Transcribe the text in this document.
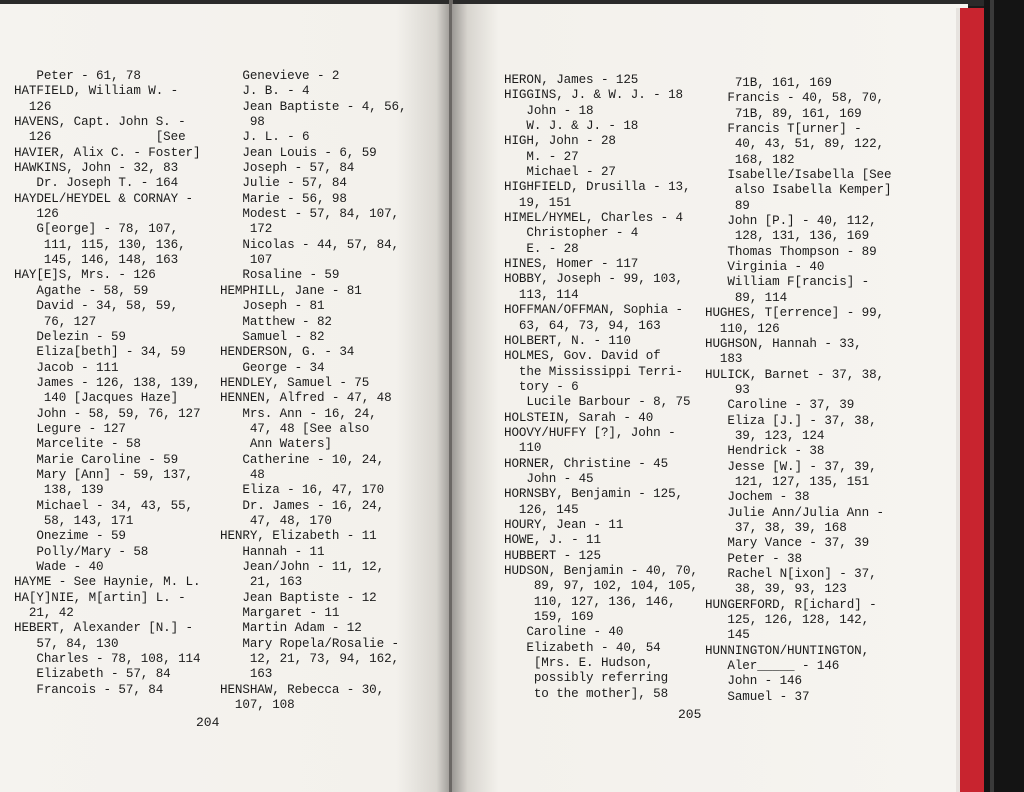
Peter - 61, 78
HATFIELD, William W. -
126
HAVENS, Capt. John S. -
126              [See
HAVIER, Alix C. - Foster]
HAWKINS, John - 32, 83
Dr. Joseph T. - 164
HAYDEL/HEYDEL & CORNAY -
126
G[eorge] - 78, 107,
111, 115, 130, 136,
145, 146, 148, 163
HAY[E]S, Mrs. - 126
Agathe - 58, 59
David - 34, 58, 59,
76, 127
Delezin - 59
Eliza[beth] - 34, 59
Jacob - 111
James - 126, 138, 139,
140 [Jacques Haze]
John - 58, 59, 76, 127
Legure - 127
Marcelite - 58
Marie Caroline - 59
Mary [Ann] - 59, 137,
138, 139
Michael - 34, 43, 55,
58, 143, 171
Onezime - 59
Polly/Mary - 58
Wade - 40
HAYME - See Haynie, M. L.
HA[Y]NIE, M[artin] L. -
21, 42
HEBERT, Alexander [N.] -
57, 84, 130
Charles - 78, 108, 114
Elizabeth - 57, 84
Francois - 57, 84
Genevieve - 2
J. B. - 4
Jean Baptiste - 4, 56,
98
J. L. - 6
Jean Louis - 6, 59
Joseph - 57, 84
Julie - 57, 84
Marie - 56, 98
Modest - 57, 84, 107,
172
Nicolas - 44, 57, 84,
107
Rosaline - 59
HEMPHILL, Jane - 81
Joseph - 81
Matthew - 82
Samuel - 82
HENDERSON, G. - 34
George - 34
HENDLEY, Samuel - 75
HENNEN, Alfred - 47, 48
Mrs. Ann - 16, 24,
47, 48 [See also
Ann Waters]
Catherine - 10, 24,
48
Eliza - 16, 47, 170
Dr. James - 16, 24,
47, 48, 170
HENRY, Elizabeth - 11
Hannah - 11
Jean/John - 11, 12,
21, 163
Jean Baptiste - 12
Margaret - 11
Martin Adam - 12
Mary Ropela/Rosalie -
12, 21, 73, 94, 162,
163
HENSHAW, Rebecca - 30,
107, 108
204
HERON, James - 125
HIGGINS, J. & W. J. - 18
John - 18
W. J. & J. - 18
HIGH, John - 28
M. - 27
Michael - 27
HIGHFIELD, Drusilla - 13,
19, 151
HIMEL/HYMEL, Charles - 4
Christopher - 4
E. - 28
HINES, Homer - 117
HOBBY, Joseph - 99, 103,
113, 114
HOFFMAN/OFFMAN, Sophia -
63, 64, 73, 94, 163
HOLBERT, N. - 110
HOLMES, Gov. David of
the Mississippi Terri-
tory - 6
Lucile Barbour - 8, 75
HOLSTEIN, Sarah - 40
HOOVY/HUFFY [?], John -
110
HORNER, Christine - 45
John - 45
HORNSBY, Benjamin - 125,
126, 145
HOURY, Jean - 11
HOWE, J. - 11
HUBBERT - 125
HUDSON, Benjamin - 40, 70,
89, 97, 102, 104, 105,
110, 127, 136, 146,
159, 169
Caroline - 40
Elizabeth - 40, 54
[Mrs. E. Hudson,
possibly referring
to the mother], 58
71B, 161, 169
Francis - 40, 58, 70,
71B, 89, 161, 169
Francis T[urner] -
40, 43, 51, 89, 122,
168, 182
Isabelle/Isabella [See
also Isabella Kemper]
89
John [P.] - 40, 112,
128, 131, 136, 169
Thomas Thompson - 89
Virginia - 40
William F[rancis] -
89, 114
HUGHES, T[errence] - 99,
110, 126
HUGHSON, Hannah - 33,
183
HULICK, Barnet - 37, 38,
93
Caroline - 37, 39
Eliza [J.] - 37, 38,
39, 123, 124
Hendrick - 38
Jesse [W.] - 37, 39,
121, 127, 135, 151
Jochem - 38
Julie Ann/Julia Ann -
37, 38, 39, 168
Mary Vance - 37, 39
Peter - 38
Rachel N[ixon] - 37,
38, 39, 93, 123
HUNGERFORD, R[ichard] -
125, 126, 128, 142,
145
HUNNINGTON/HUNTINGTON,
Aler_____ - 146
John - 146
Samuel - 37
205
